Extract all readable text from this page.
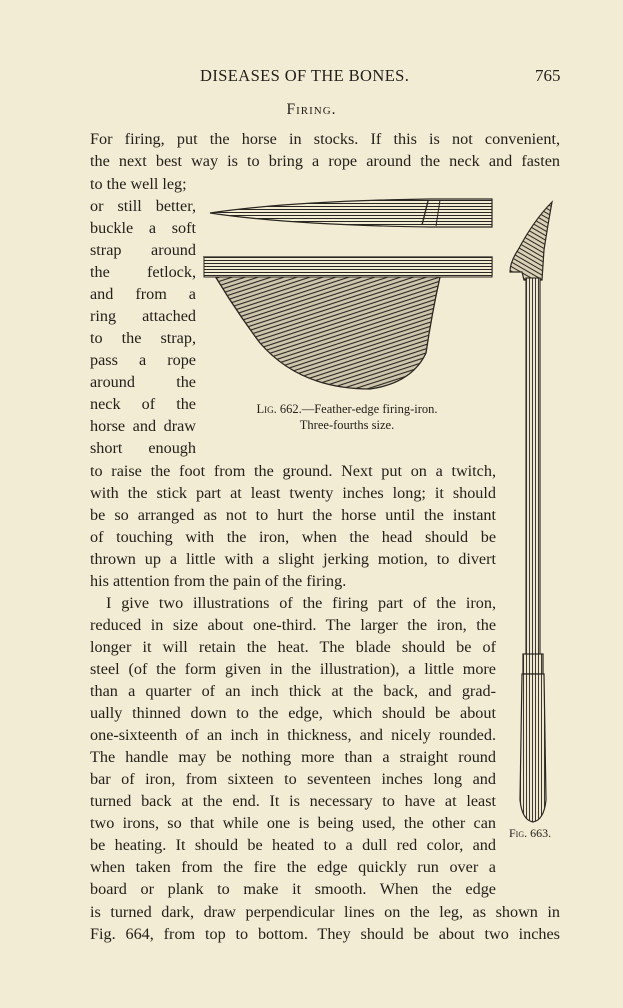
DISEASES OF THE BONES.	765
Firing.
For firing, put the horse in stocks. If this is not convenient,
the next best way is to bring a rope around the neck and fasten
to the well leg;
or still better,
buckle a soft
strap around
the fetlock,
and from a
ring attached
to the strap,
pass a rope
around the
neck of the
horse and draw
short enough
to raise the foot from the ground. Next put on a twitch,
with the stick part at least twenty inches long; it should
be so arranged as not to hurt the horse until the instant
of touching with the iron, when the head should be
thrown up a little with a slight jerking motion, to divert
his attention from the pain of the firing.
I give two illustrations of the firing part of the iron,
reduced in size about one-third. The larger the iron, the
longer it will retain the heat. The blade should be of
steel (of the form given in the illustration), a little more
than a quarter of an inch thick at the back, and grad-
ually thinned down to the edge, which should be about
one-sixteenth of an inch in thickness, and nicely rounded.
The handle may be nothing more than a straight round
bar of iron, from sixteen to seventeen inches long and
turned back at the end. It is necessary to have at least
two irons, so that while one is being used, the other can
be heating. It should be heated to a dull red color, and
when taken from the fire the edge quickly run over a
board or plank to make it smooth. When the edge
is turned dark, draw perpendicular lines on the leg, as shown in
Fig. 664, from top to bottom. They should be about two inches
Lig. 662.—Feather-edge firing-iron.
Three-fourths size.
Fig. 663.
